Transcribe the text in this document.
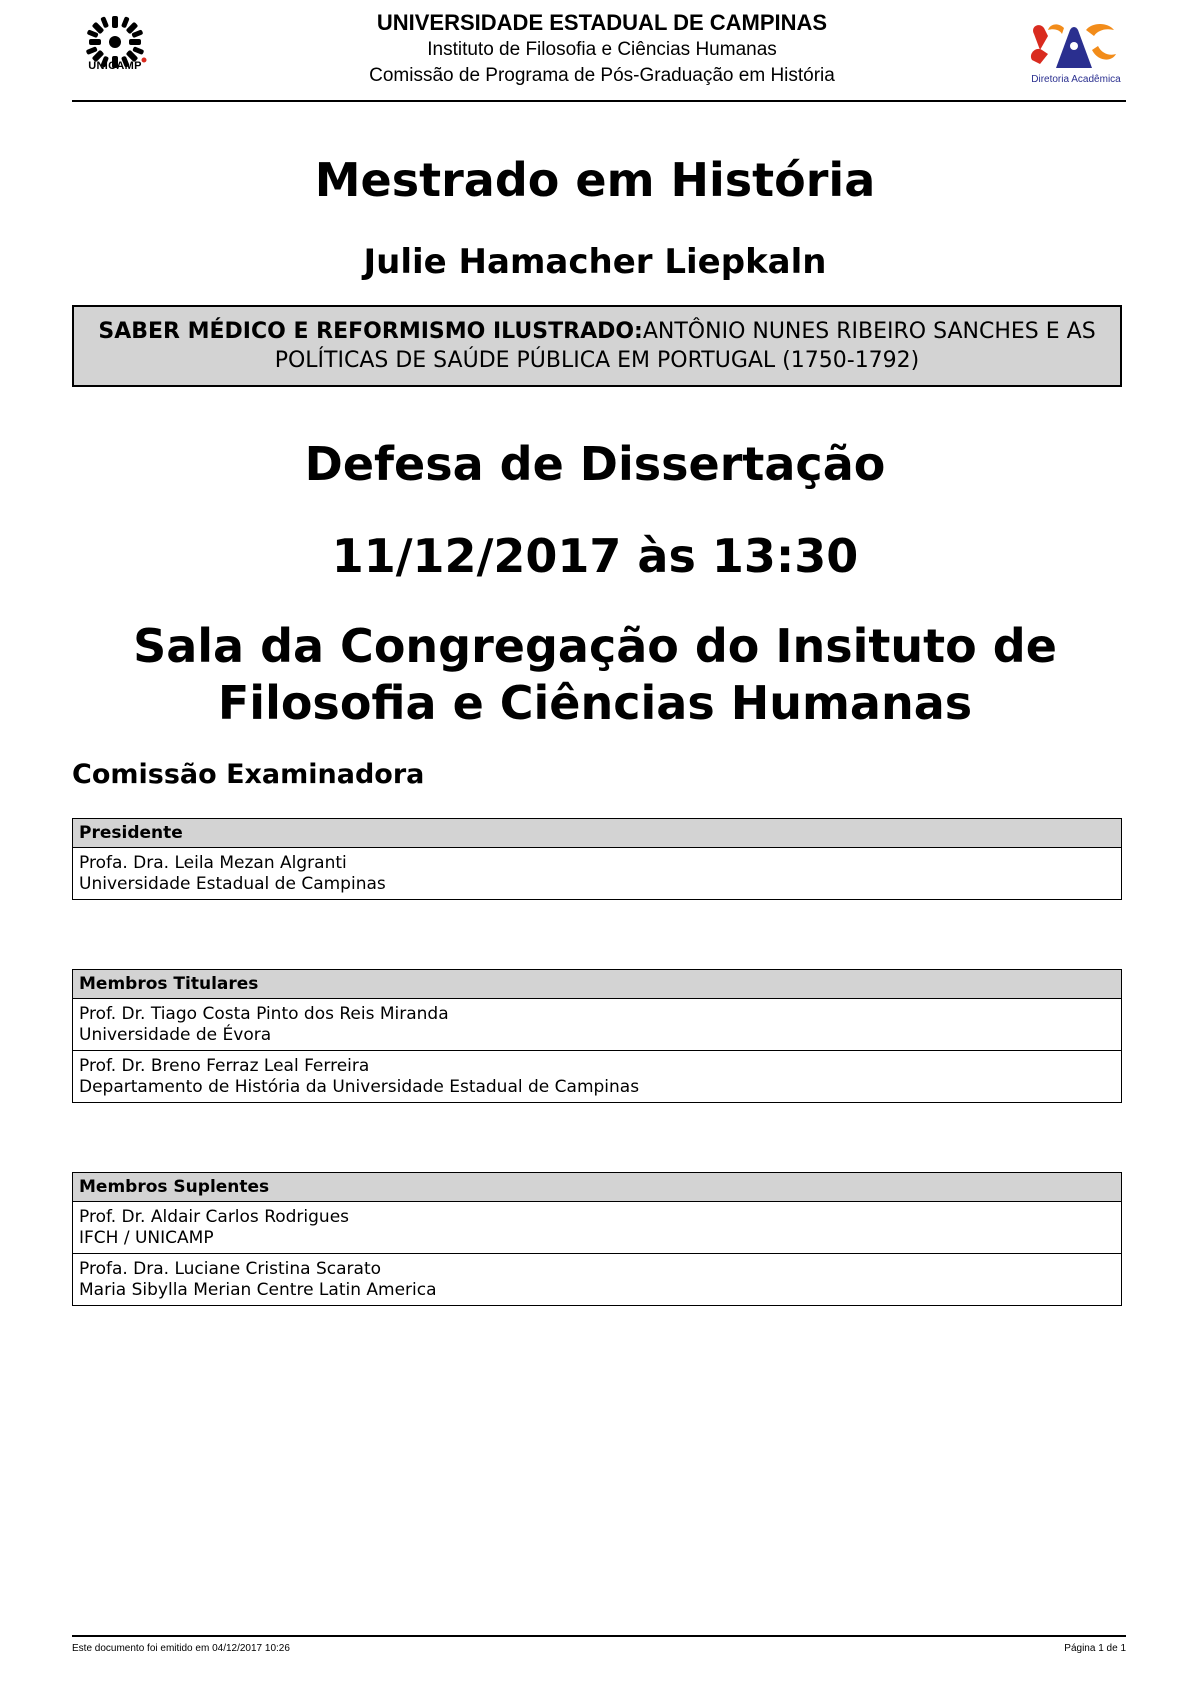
UNICAMP
UNIVERSIDADE ESTADUAL DE CAMPINAS
Instituto de Filosofia e Ciências Humanas
Comissão de Programa de Pós-Graduação em História	Diretoria Acadêmica
Mestrado em História
Julie Hamacher Liepkaln
SABER MÉDICO E REFORMISMO ILUSTRADO:ANTÔNIO NUNES RIBEIRO SANCHES E AS POLÍTICAS DE SAÚDE PÚBLICA EM PORTUGAL (1750-1792)
Defesa de Dissertação
11/12/2017 às 13:30
Sala da Congregação do Insituto de
Filosofia e Ciências Humanas
Comissão Examinadora
Presidente
Profa. Dra. Leila Mezan Algranti
Universidade Estadual de Campinas
Membros Titulares
Prof. Dr. Tiago Costa Pinto dos Reis Miranda
Universidade de Évora
Prof. Dr. Breno Ferraz Leal Ferreira
Departamento de História da Universidade Estadual de Campinas
Membros Suplentes
Prof. Dr. Aldair Carlos Rodrigues
IFCH / UNICAMP
Profa. Dra. Luciane Cristina Scarato
Maria Sibylla Merian Centre Latin America
Este documento foi emitido em 04/12/2017 10:26	Página 1 de 1
